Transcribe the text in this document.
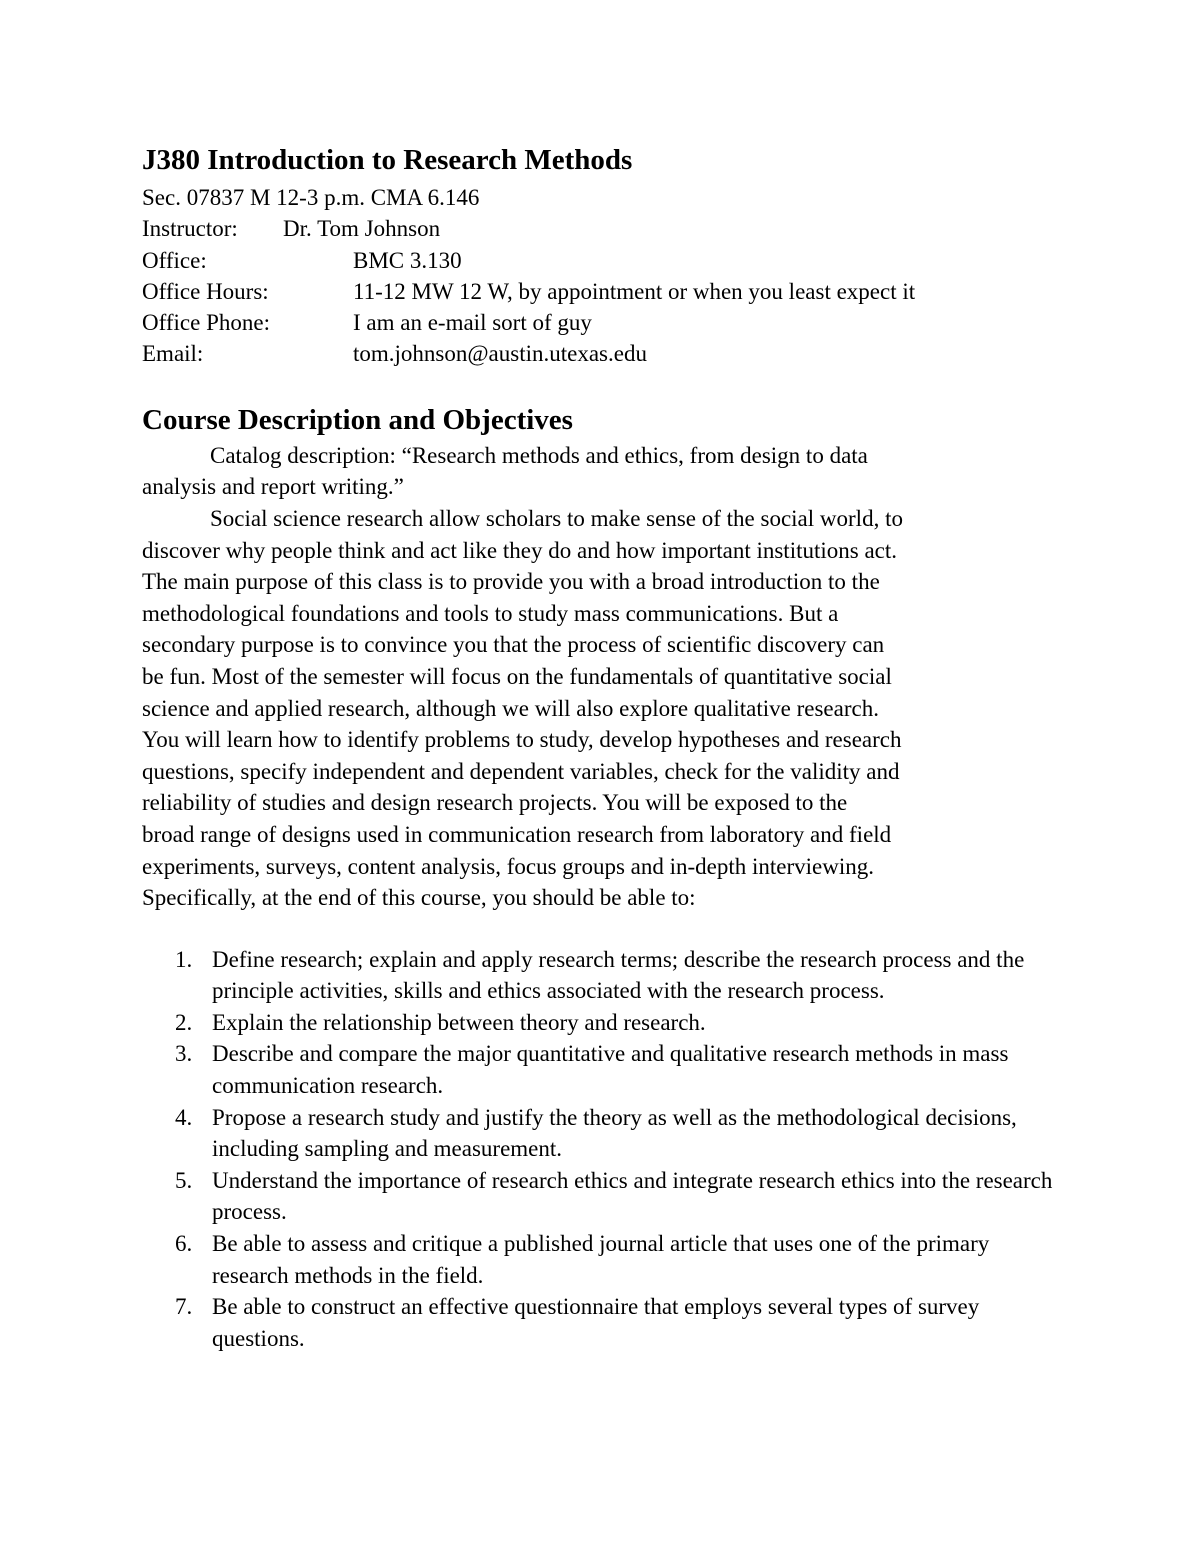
J380 Introduction to Research Methods
Sec. 07837 M 12-3 p.m. CMA 6.146
Instructor:	Dr. Tom Johnson
Office:	BMC 3.130
Office Hours:	11-12 MW 12 W, by appointment or when you least expect it
Office Phone:	I am an e-mail sort of guy
Email:	tom.johnson@austin.utexas.edu
Course Description and Objectives
Catalog description: “Research methods and ethics, from design to data
analysis and report writing.”
Social science research allow scholars to make sense of the social world, to
discover why people think and act like they do and how important institutions act.
The main purpose of this class is to provide you with a broad introduction to the
methodological foundations and tools to study mass communications. But a
secondary purpose is to convince you that the process of scientific discovery can
be fun. Most of the semester will focus on the fundamentals of quantitative social
science and applied research, although we will also explore qualitative research.
You will learn how to identify problems to study, develop hypotheses and research
questions, specify independent and dependent variables, check for the validity and
reliability of studies and design research projects. You will be exposed to the
broad range of designs used in communication research from laboratory and field
experiments, surveys, content analysis, focus groups and in-depth interviewing.
Specifically, at the end of this course, you should be able to:
1. Define research; explain and apply research terms; describe the research process and the principle activities, skills and ethics associated with the research process.
2. Explain the relationship between theory and research.
3. Describe and compare the major quantitative and qualitative research methods in mass communication research.
4. Propose a research study and justify the theory as well as the methodological decisions, including sampling and measurement.
5. Understand the importance of research ethics and integrate research ethics into the research process.
6. Be able to assess and critique a published journal article that uses one of the primary research methods in the field.
7. Be able to construct an effective questionnaire that employs several types of survey questions.
